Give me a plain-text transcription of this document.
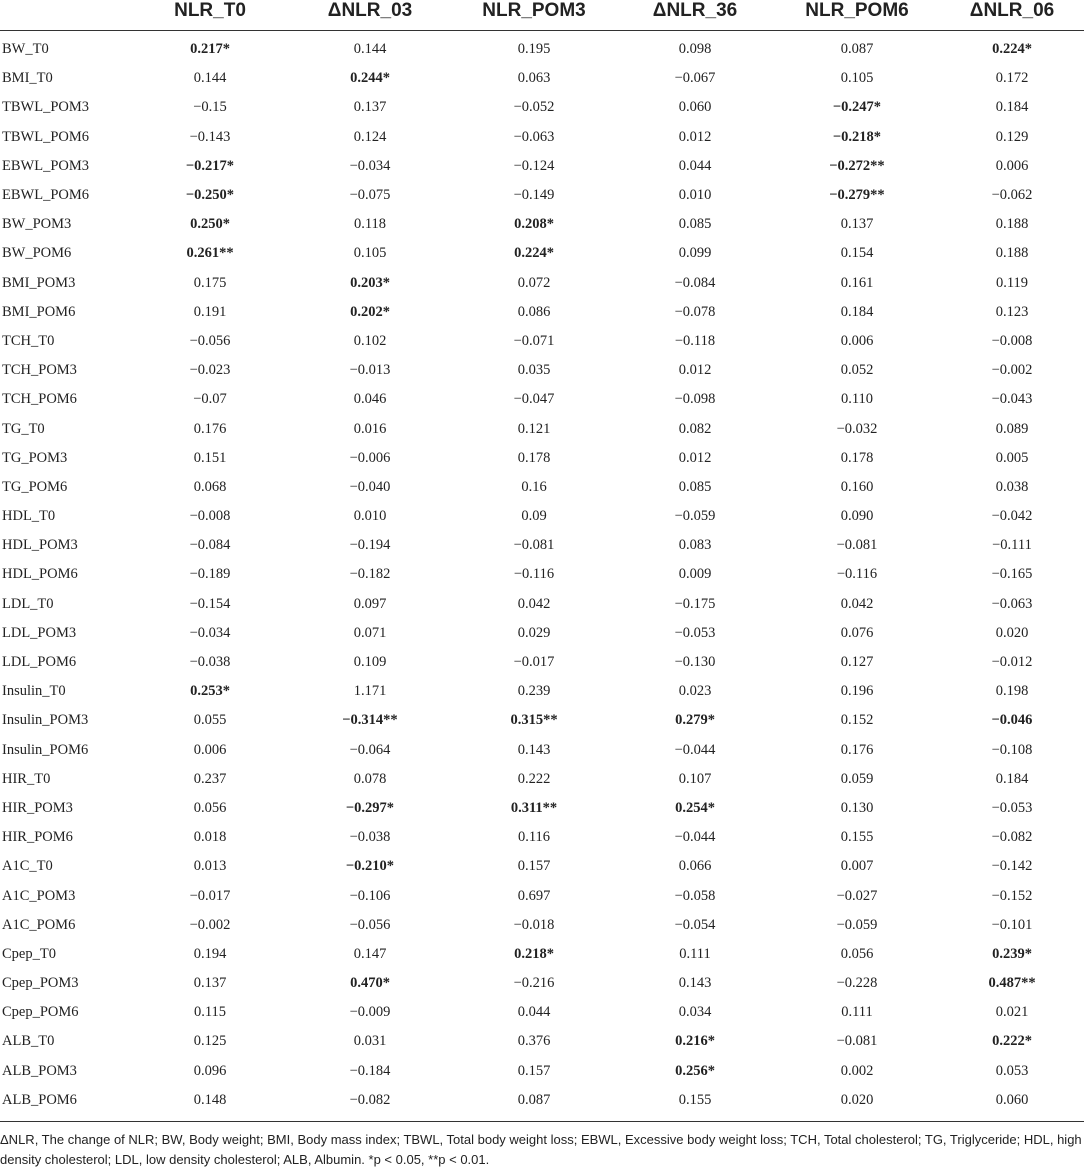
	NLR_T0	ΔNLR_03	NLR_POM3	ΔNLR_36	NLR_POM6	ΔNLR_06
BW_T0	0.217*	0.144	0.195	0.098	0.087	0.224*
BMI_T0	0.144	0.244*	0.063	−0.067	0.105	0.172
TBWL_POM3	−0.15	0.137	−0.052	0.060	−0.247*	0.184
TBWL_POM6	−0.143	0.124	−0.063	0.012	−0.218*	0.129
EBWL_POM3	−0.217*	−0.034	−0.124	0.044	−0.272**	0.006
EBWL_POM6	−0.250*	−0.075	−0.149	0.010	−0.279**	−0.062
BW_POM3	0.250*	0.118	0.208*	0.085	0.137	0.188
BW_POM6	0.261**	0.105	0.224*	0.099	0.154	0.188
BMI_POM3	0.175	0.203*	0.072	−0.084	0.161	0.119
BMI_POM6	0.191	0.202*	0.086	−0.078	0.184	0.123
TCH_T0	−0.056	0.102	−0.071	−0.118	0.006	−0.008
TCH_POM3	−0.023	−0.013	0.035	0.012	0.052	−0.002
TCH_POM6	−0.07	0.046	−0.047	−0.098	0.110	−0.043
TG_T0	0.176	0.016	0.121	0.082	−0.032	0.089
TG_POM3	0.151	−0.006	0.178	0.012	0.178	0.005
TG_POM6	0.068	−0.040	0.16	0.085	0.160	0.038
HDL_T0	−0.008	0.010	0.09	−0.059	0.090	−0.042
HDL_POM3	−0.084	−0.194	−0.081	0.083	−0.081	−0.111
HDL_POM6	−0.189	−0.182	−0.116	0.009	−0.116	−0.165
LDL_T0	−0.154	0.097	0.042	−0.175	0.042	−0.063
LDL_POM3	−0.034	0.071	0.029	−0.053	0.076	0.020
LDL_POM6	−0.038	0.109	−0.017	−0.130	0.127	−0.012
Insulin_T0	0.253*	1.171	0.239	0.023	0.196	0.198
Insulin_POM3	0.055	−0.314**	0.315**	0.279*	0.152	−0.046
Insulin_POM6	0.006	−0.064	0.143	−0.044	0.176	−0.108
HIR_T0	0.237	0.078	0.222	0.107	0.059	0.184
HIR_POM3	0.056	−0.297*	0.311**	0.254*	0.130	−0.053
HIR_POM6	0.018	−0.038	0.116	−0.044	0.155	−0.082
A1C_T0	0.013	−0.210*	0.157	0.066	0.007	−0.142
A1C_POM3	−0.017	−0.106	0.697	−0.058	−0.027	−0.152
A1C_POM6	−0.002	−0.056	−0.018	−0.054	−0.059	−0.101
Cpep_T0	0.194	0.147	0.218*	0.111	0.056	0.239*
Cpep_POM3	0.137	0.470*	−0.216	0.143	−0.228	0.487**
Cpep_POM6	0.115	−0.009	0.044	0.034	0.111	0.021
ALB_T0	0.125	0.031	0.376	0.216*	−0.081	0.222*
ALB_POM3	0.096	−0.184	0.157	0.256*	0.002	0.053
ALB_POM6	0.148	−0.082	0.087	0.155	0.020	0.060
ΔNLR, The change of NLR; BW, Body weight; BMI, Body mass index; TBWL, Total body weight loss; EBWL, Excessive body weight loss; TCH, Total cholesterol; TG, Triglyceride; HDL, high density cholesterol; LDL, low density cholesterol; ALB, Albumin. *p < 0.05, **p < 0.01.
